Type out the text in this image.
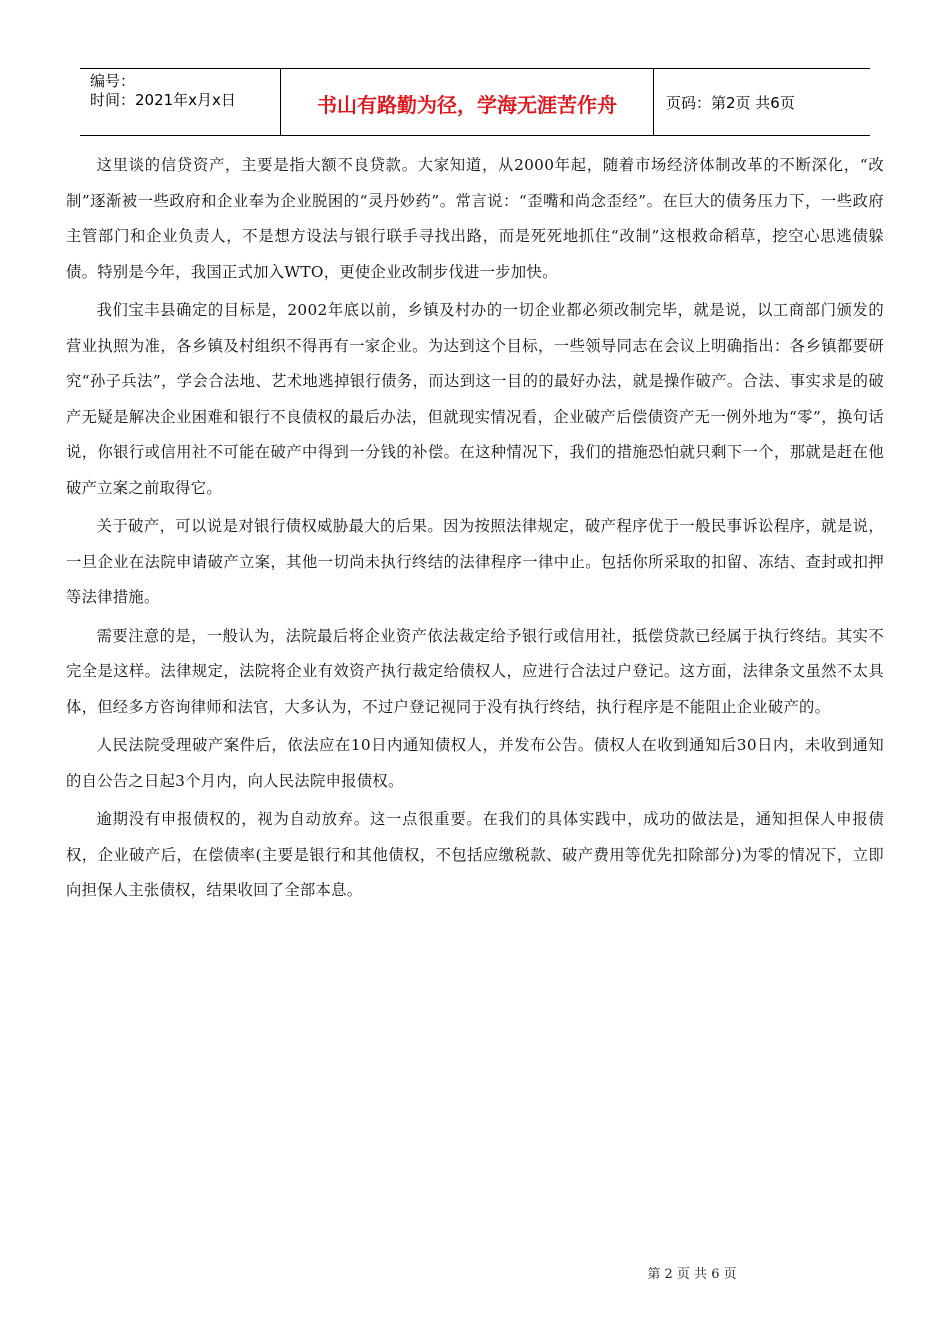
编号：
时间：2021年x月x日	书山有路勤为径，学海无涯苦作舟	页码：第2页 共6页

这里谈的信贷资产，主要是指大额不良贷款。大家知道，从2000年起，随着市场经济体制改革的不断深化，“改制”逐渐被一些政府和企业奉为企业脱困的“灵丹妙药”。常言说：“歪嘴和尚念歪经”。在巨大的债务压力下，一些政府主管部门和企业负责人，不是想方设法与银行联手寻找出路，而是死死地抓住“改制”这根救命稻草，挖空心思逃债躲债。特别是今年，我国正式加入WTO，更使企业改制步伐进一步加快。

我们宝丰县确定的目标是，2002年底以前，乡镇及村办的一切企业都必须改制完毕，就是说，以工商部门颁发的营业执照为准，各乡镇及村组织不得再有一家企业。为达到这个目标，一些领导同志在会议上明确指出：各乡镇都要研究“孙子兵法”，学会合法地、艺术地逃掉银行债务，而达到这一目的的最好办法，就是操作破产。合法、事实求是的破产无疑是解决企业困难和银行不良债权的最后办法，但就现实情况看，企业破产后偿债资产无一例外地为“零”，换句话说，你银行或信用社不可能在破产中得到一分钱的补偿。在这种情况下，我们的措施恐怕就只剩下一个，那就是赶在他破产立案之前取得它。

关于破产，可以说是对银行债权威胁最大的后果。因为按照法律规定，破产程序优于一般民事诉讼程序，就是说，一旦企业在法院申请破产立案，其他一切尚未执行终结的法律程序一律中止。包括你所采取的扣留、冻结、查封或扣押等法律措施。

需要注意的是，一般认为，法院最后将企业资产依法裁定给予银行或信用社，抵偿贷款已经属于执行终结。其实不完全是这样。法律规定，法院将企业有效资产执行裁定给债权人，应进行合法过户登记。这方面，法律条文虽然不太具体，但经多方咨询律师和法官，大多认为，不过户登记视同于没有执行终结，执行程序是不能阻止企业破产的。

人民法院受理破产案件后，依法应在10日内通知债权人，并发布公告。债权人在收到通知后30日内，未收到通知的自公告之日起3个月内，向人民法院申报债权。

逾期没有申报债权的，视为自动放弃。这一点很重要。在我们的具体实践中，成功的做法是，通知担保人申报债权，企业破产后，在偿债率(主要是银行和其他债权，不包括应缴税款、破产费用等优先扣除部分)为零的情况下，立即向担保人主张债权，结果收回了全部本息。

第 2 页 共 6 页
